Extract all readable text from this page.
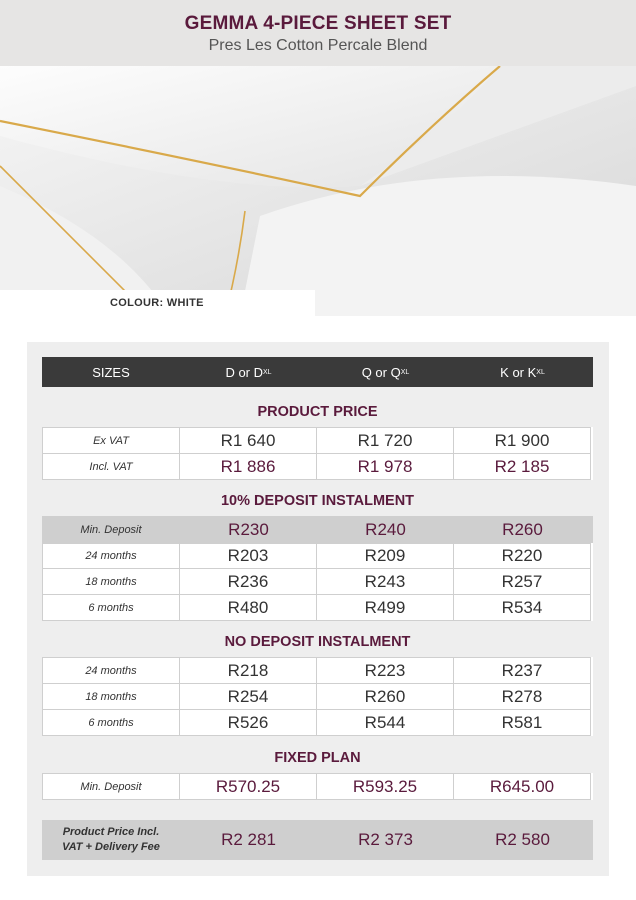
GEMMA 4-PIECE SHEET SET
Pres Les Cotton Percale Blend
COLOUR: WHITE
SIZES	D or D XL	Q or Q XL	K or K XL
PRODUCT PRICE
Ex VAT	R1 640	R1 720	R1 900
Incl. VAT	R1 886	R1 978	R2 185
10% DEPOSIT INSTALMENT
Min. Deposit	R230	R240	R260
24 months	R203	R209	R220
18 months	R236	R243	R257
6 months	R480	R499	R534
NO DEPOSIT INSTALMENT
24 months	R218	R223	R237
18 months	R254	R260	R278
6 months	R526	R544	R581
FIXED PLAN
Min. Deposit	R570.25	R593.25	R645.00
Product Price Incl.
VAT + Delivery Fee	R2 281	R2 373	R2 580
